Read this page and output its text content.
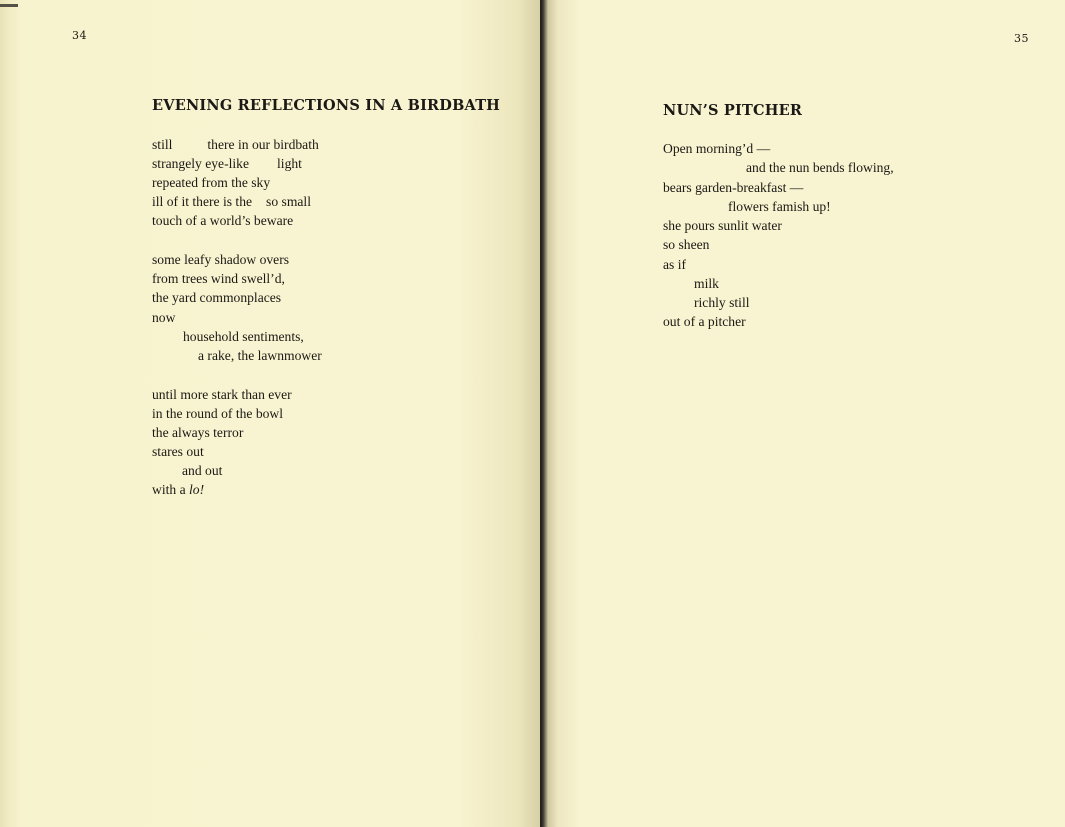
34
EVENING REFLECTIONS IN A BIRDBATH
still	there in our birdbath
strangely eye-like light
repeated from the sky
ill of it there is the so small
touch of a world’s beware
some leafy shadow overs
from trees wind swell’d,
the yard commonplaces
now
household sentiments,
a rake, the lawnmower
until more stark than ever
in the round of the bowl
the always terror
stares out
and out
with a lo!
35
NUN’S PITCHER
Open morning’d —
and the nun bends flowing,
bears garden-breakfast —
flowers famish up!
she pours sunlit water
so sheen
as if
milk
richly still
out of a pitcher
